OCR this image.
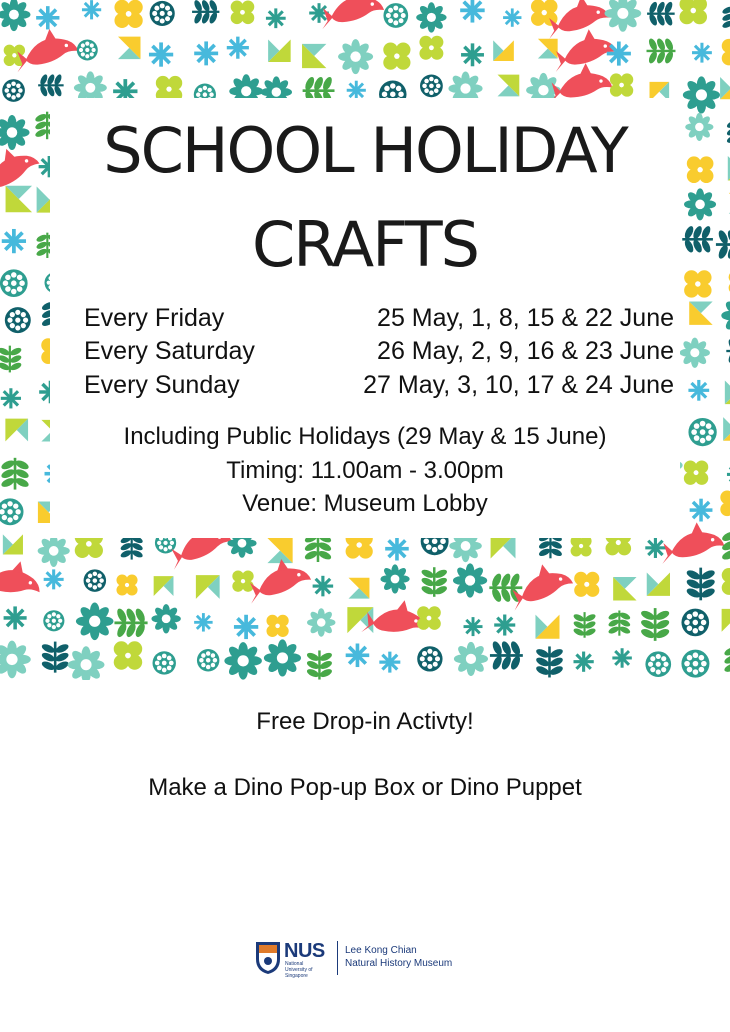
SCHOOL HOLIDAY
CRAFTS
Every Friday	25 May, 1, 8, 15 & 22 June
Every Saturday	26 May, 2, 9, 16 & 23 June
Every Sunday	27 May, 3, 10, 17 & 24 June
Including Public Holidays (29 May & 15 June)
Timing: 11.00am - 3.00pm
Venue: Museum Lobby
Free Drop-in Activty!
Make a Dino Pop-up Box or Dino Puppet
NUS
National University of Singapore
Lee Kong Chian
Natural History Museum
